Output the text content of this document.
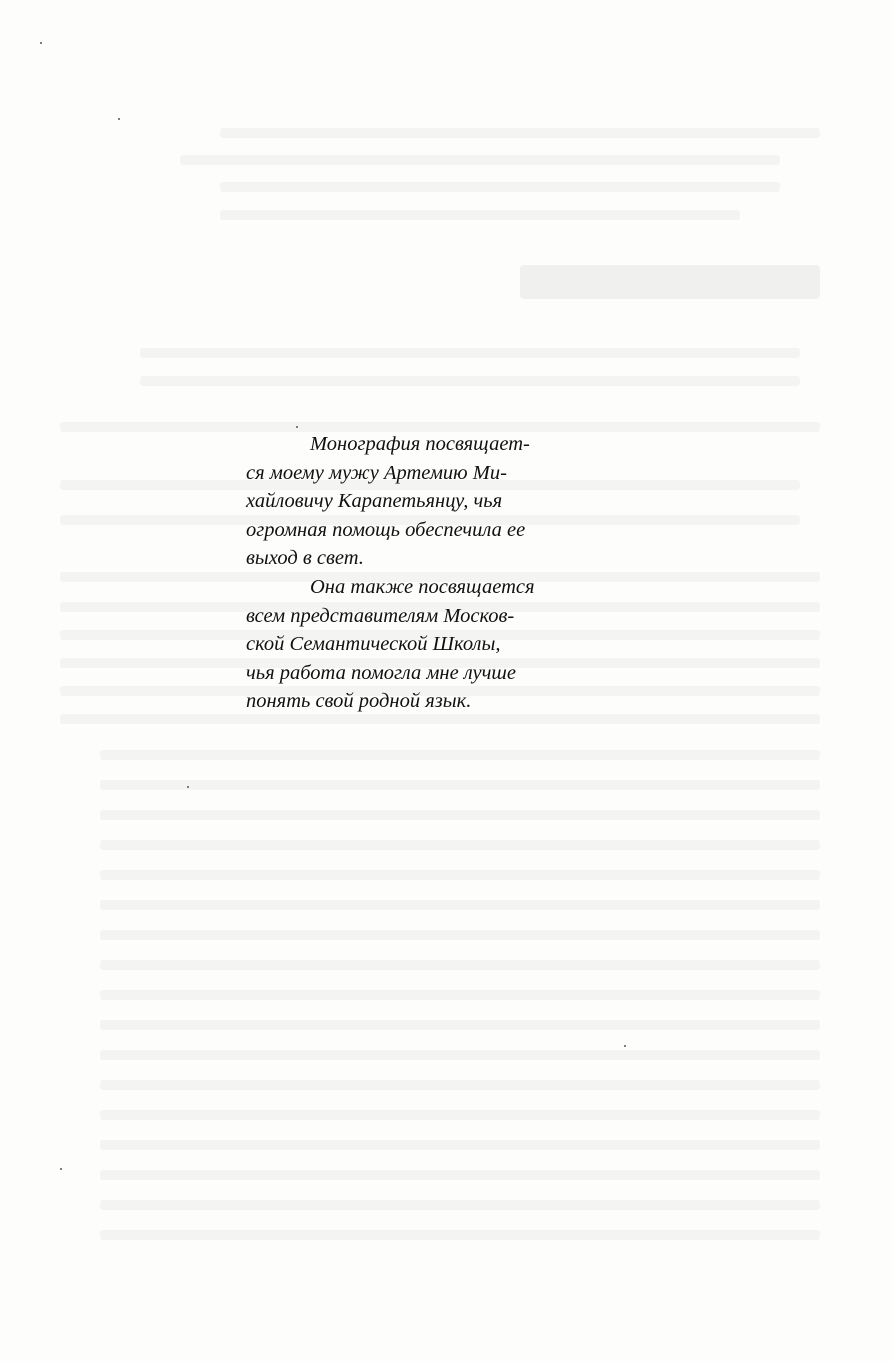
Монография посвящает-
ся моему мужу Артемию Ми-
хайловичу Карапетьянцу, чья
огромная помощь обеспечила ее
выход в свет.

Она также посвящается
всем представителям Москов-
ской Семантической Школы,
чья работа помогла мне лучше
понять свой родной язык.
